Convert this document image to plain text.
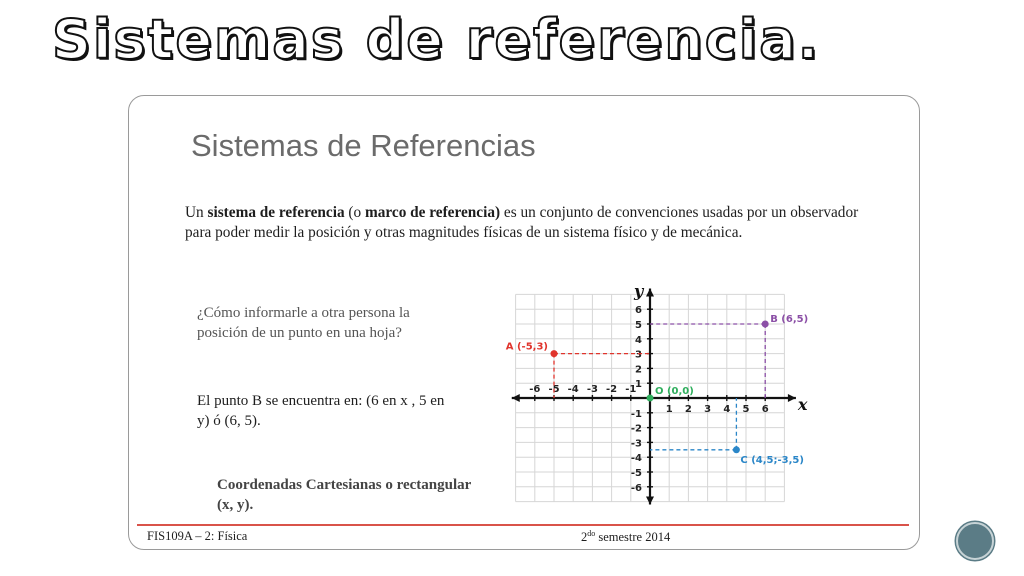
Sistemas de referencia.
Sistemas de Referencias

Un sistema de referencia (o marco de referencia) es un conjunto de convenciones usadas por un observador para poder medir la posición y otras magnitudes físicas de un sistema físico y de mecánica.

¿Cómo informarle a otra persona la posición de un punto en una hoja?

El punto B se encuentra en: (6 en x , 5 en y) ó (6, 5).

Coordenadas Cartesianas o rectangular (x, y).

x
y
-6 -5 -4 -3 -2 -1
1 2 3 4 5 6
6
5
4
3
2
1
-1
-2
-3
-4
-5
-6
A (-5,3)
B (6,5)
C (4,5;-3,5)
O (0,0)

FIS109A – 2: Física	$2^{do}$ semestre 2014
